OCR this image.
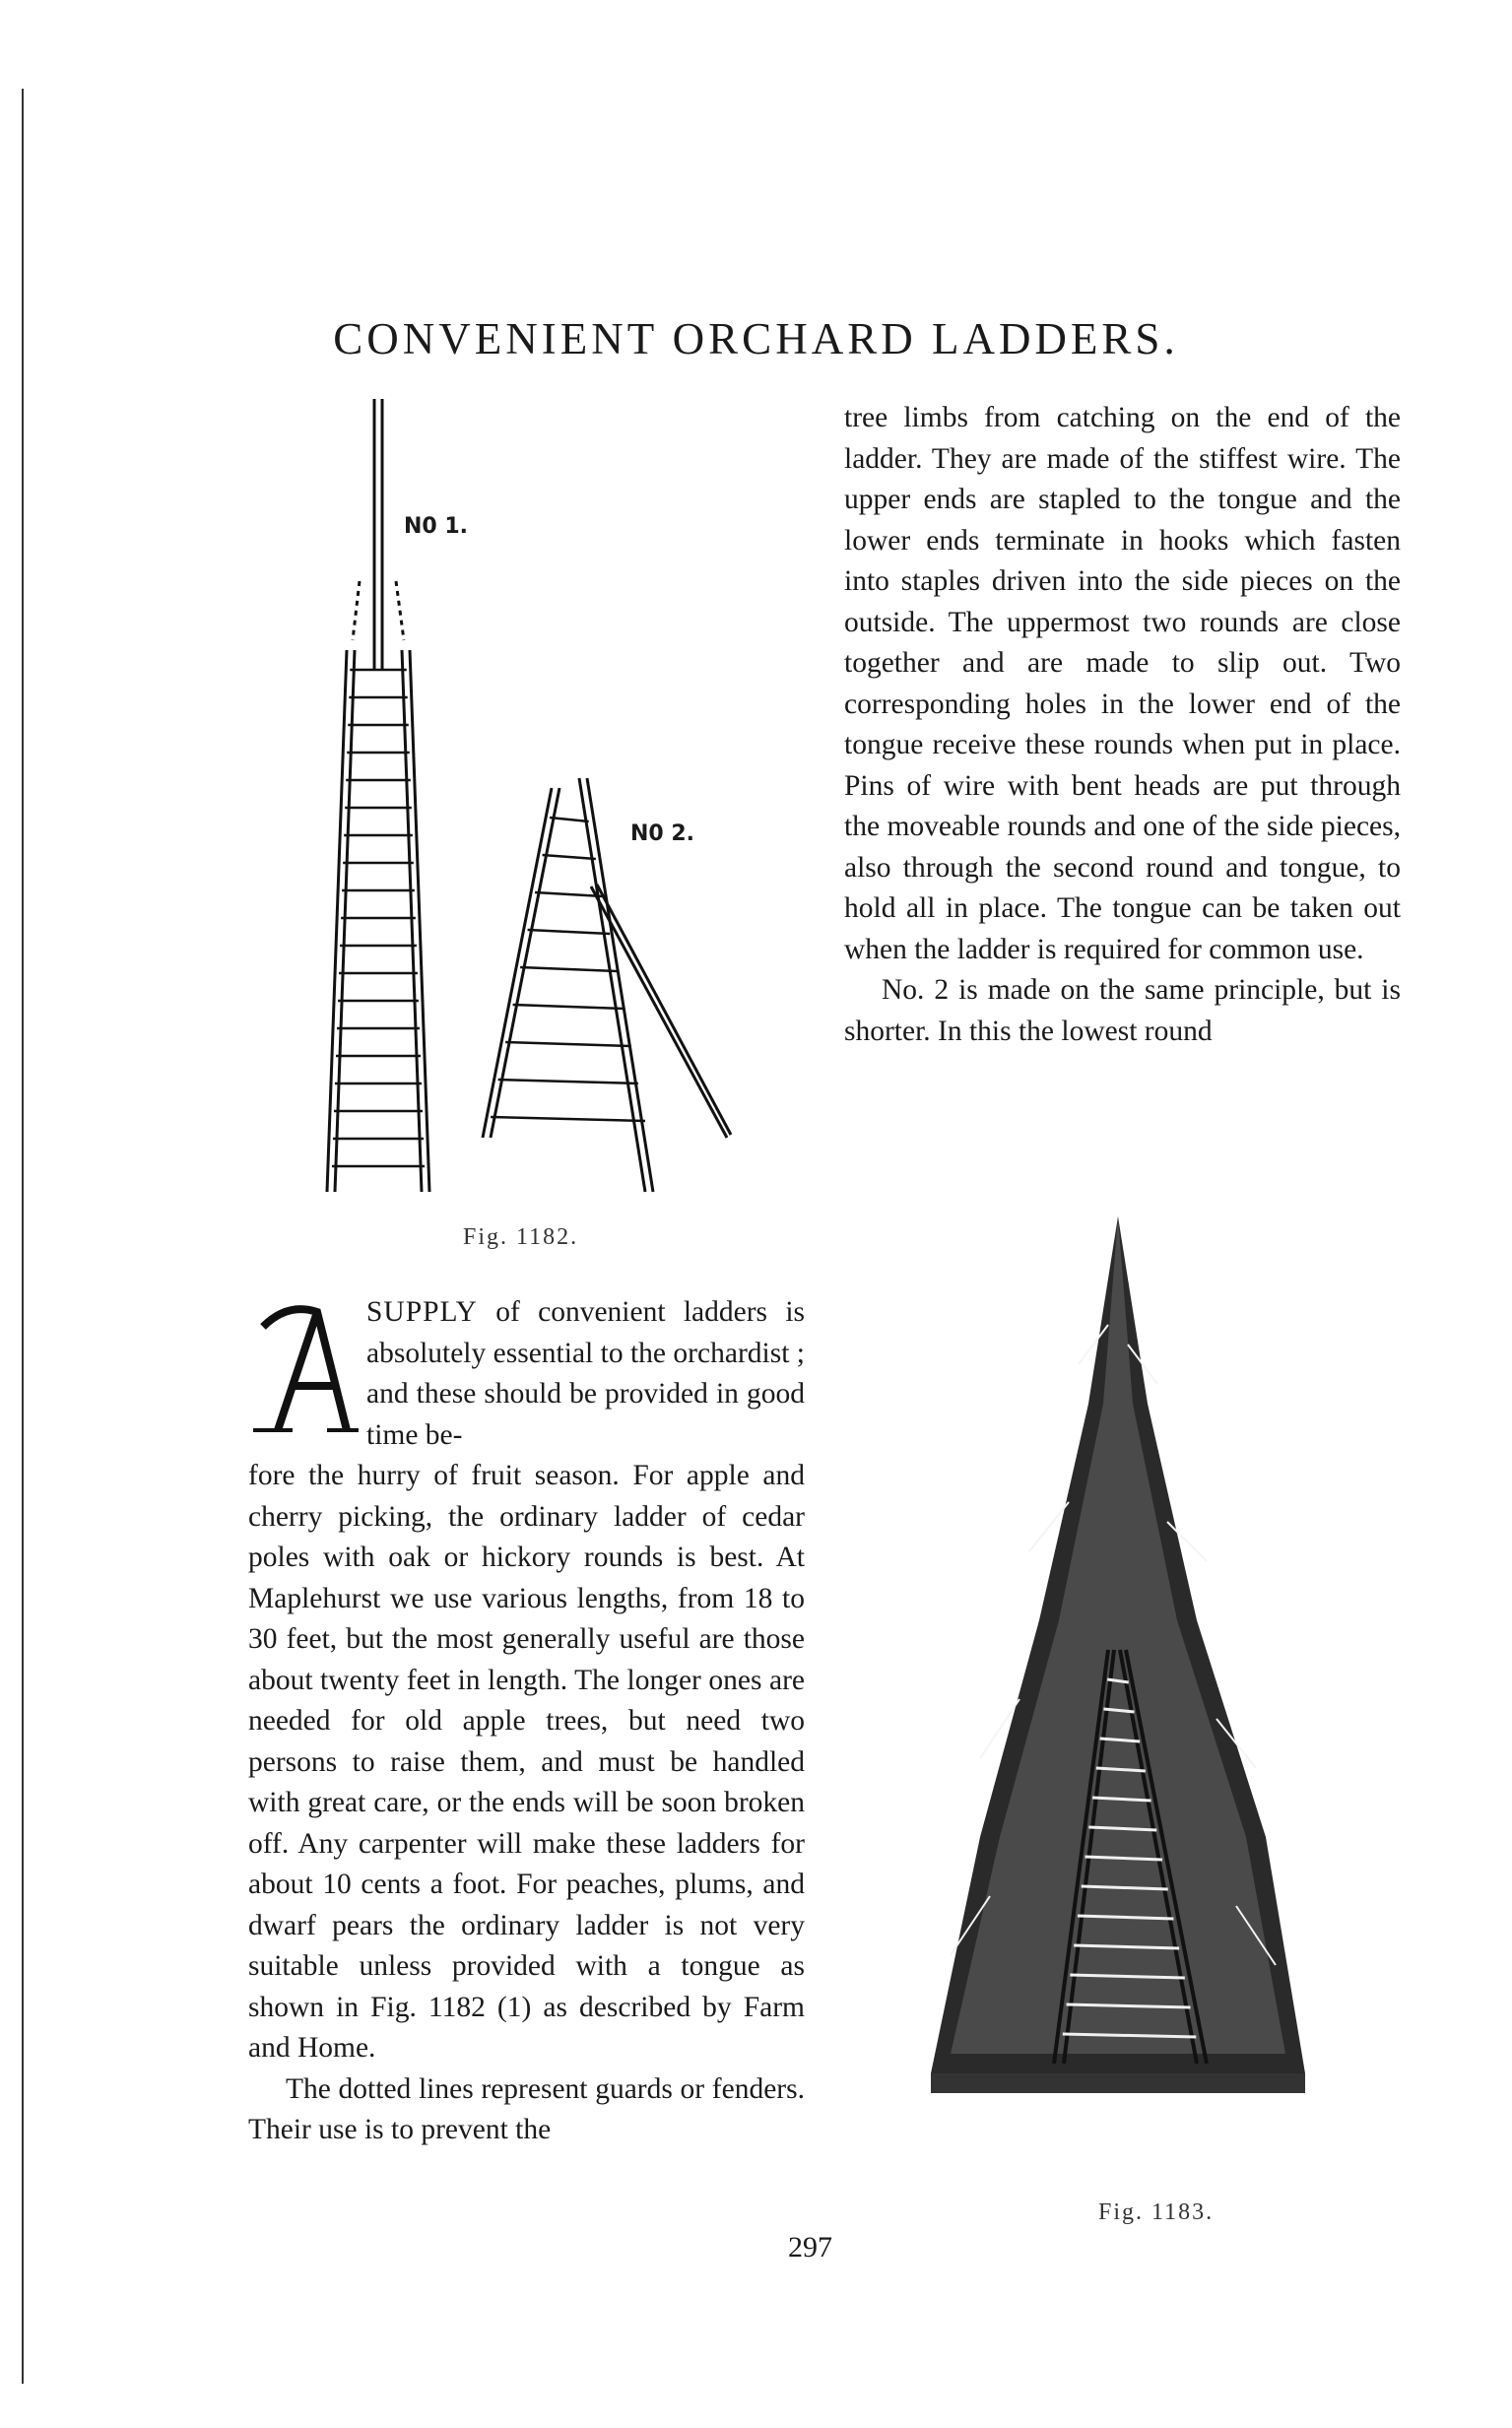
CONVENIENT ORCHARD LADDERS.
N0 1.
N0 2.
Fig. 1182.
Fig. 1183.

tree limbs from catching on the end of the ladder. They are made of the stiffest wire. The upper ends are stapled to the tongue and the lower ends terminate in hooks which fasten into staples driven into the side pieces on the outside. The uppermost two rounds are close together and are made to slip out. Two corresponding holes in the lower end of the tongue receive these rounds when put in place. Pins of wire with bent heads are put through the moveable rounds and one of the side pieces, also through the second round and tongue, to hold all in place. The tongue can be taken out when the ladder is required for common use.

No. 2 is made on the same principle, but is shorter. In this the lowest round

SUPPLY of convenient ladders is absolutely essential to the orchardist ; and these should be provided in good time be-

fore the hurry of fruit season. For apple and cherry picking, the ordinary ladder of cedar poles with oak or hickory rounds is best. At Maplehurst we use various lengths, from 18 to 30 feet, but the most generally useful are those about twenty feet in length. The longer ones are needed for old apple trees, but need two persons to raise them, and must be handled with great care, or the ends will be soon broken off. Any carpenter will make these ladders for about 10 cents a foot. For peaches, plums, and dwarf pears the ordinary ladder is not very suitable unless provided with a tongue as shown in Fig. 1182 (1) as described by Farm and Home.

The dotted lines represent guards or fenders. Their use is to prevent the

297
